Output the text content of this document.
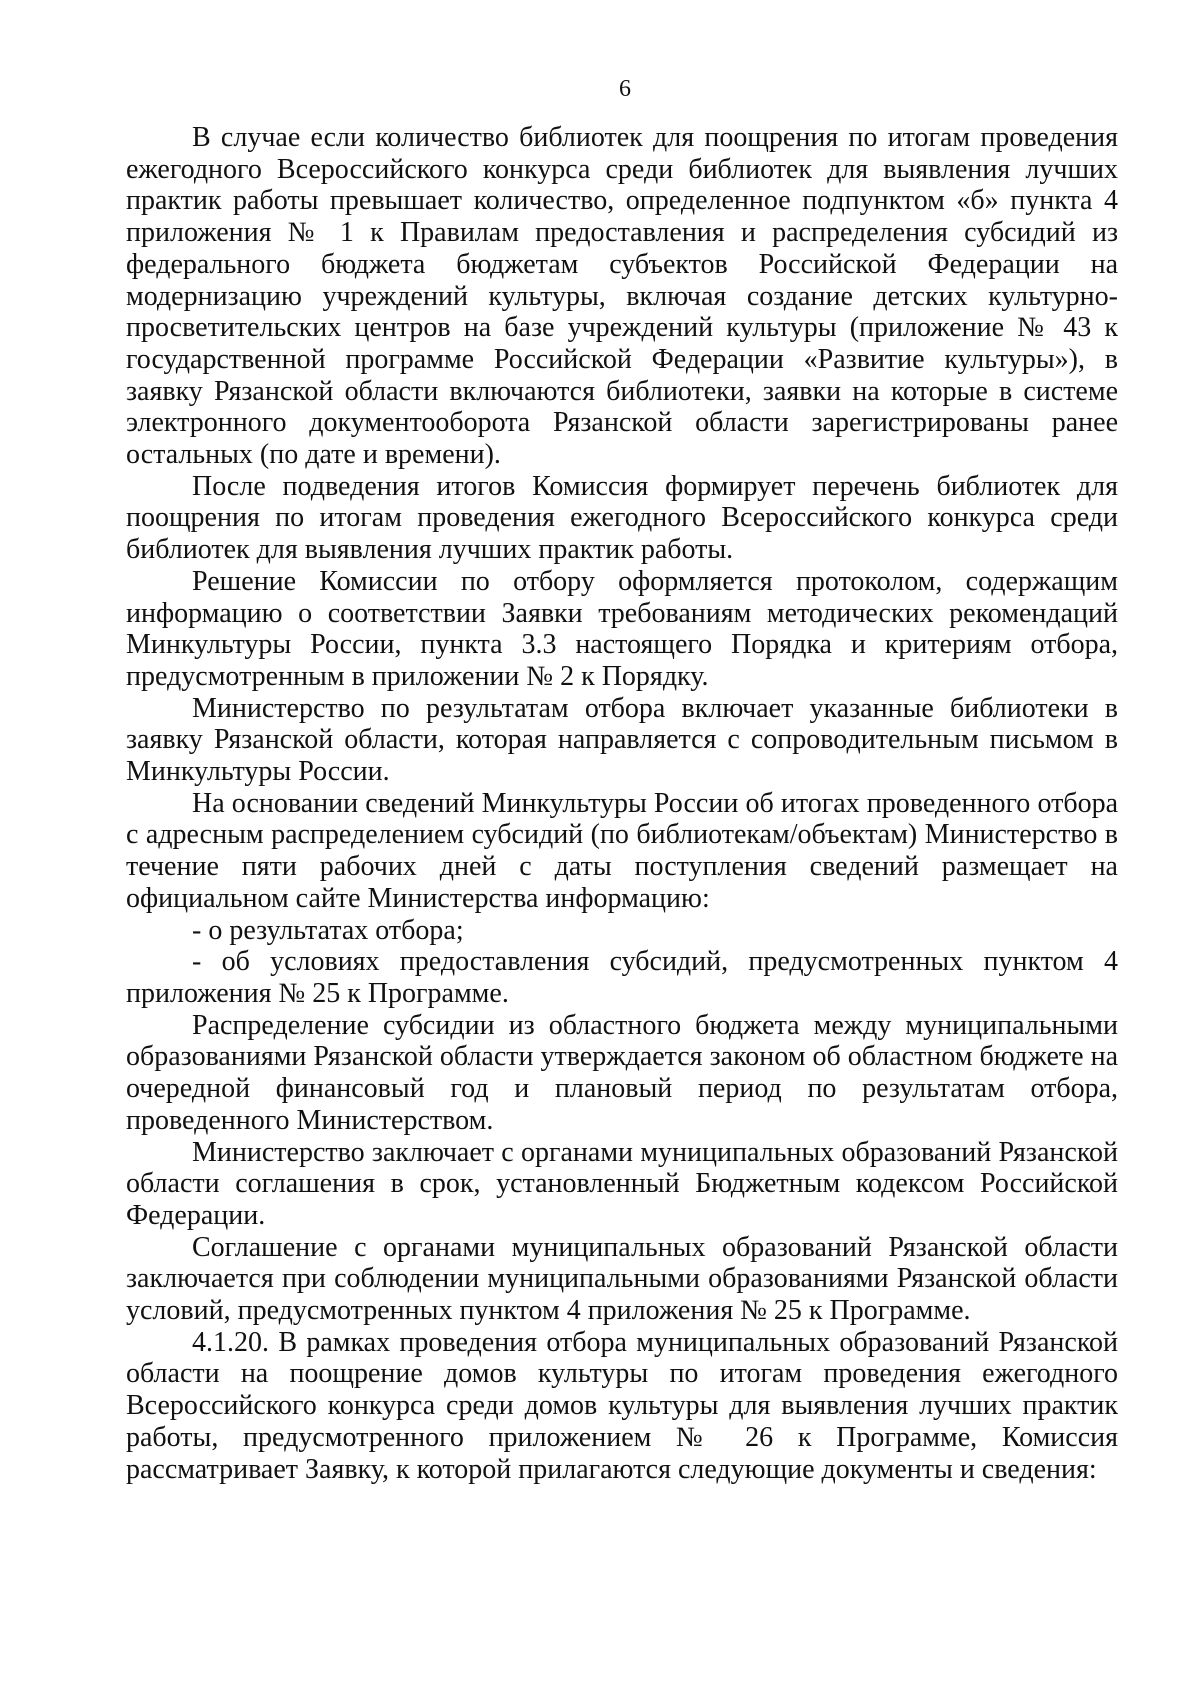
6

В случае если количество библиотек для поощрения по итогам проведения ежегодного Всероссийского конкурса среди библиотек для выявления лучших практик работы превышает количество, определенное подпунктом «б» пункта 4 приложения № 1 к Правилам предоставления и распределения субсидий из федерального бюджета бюджетам субъектов Российской Федерации на модернизацию учреждений культуры, включая создание детских культурно-просветительских центров на базе учреждений культуры (приложение № 43 к государственной программе Российской Федерации «Развитие культуры»), в заявку Рязанской области включаются библиотеки, заявки на которые в системе электронного документооборота Рязанской области зарегистрированы ранее остальных (по дате и времени).

После подведения итогов Комиссия формирует перечень библиотек для поощрения по итогам проведения ежегодного Всероссийского конкурса среди библиотек для выявления лучших практик работы.

Решение Комиссии по отбору оформляется протоколом, содержащим информацию о соответствии Заявки требованиям методических рекомендаций Минкультуры России, пункта 3.3 настоящего Порядка и критериям отбора, предусмотренным в приложении № 2 к Порядку.

Министерство по результатам отбора включает указанные библиотеки в заявку Рязанской области, которая направляется с сопроводительным письмом в Минкультуры России.

На основании сведений Минкультуры России об итогах проведенного отбора с адресным распределением субсидий (по библиотекам/объектам) Министерство в течение пяти рабочих дней с даты поступления сведений размещает на официальном сайте Министерства информацию:

- о результатах отбора;

- об условиях предоставления субсидий, предусмотренных пунктом 4 приложения № 25 к Программе.

Распределение субсидии из областного бюджета между муниципальными образованиями Рязанской области утверждается законом об областном бюджете на очередной финансовый год и плановый период по результатам отбора, проведенного Министерством.

Министерство заключает с органами муниципальных образований Рязанской области соглашения в срок, установленный Бюджетным кодексом Российской Федерации.

Соглашение с органами муниципальных образований Рязанской области заключается при соблюдении муниципальными образованиями Рязанской области условий, предусмотренных пунктом 4 приложения № 25 к Программе.

4.1.20. В рамках проведения отбора муниципальных образований Рязанской области на поощрение домов культуры по итогам проведения ежегодного Всероссийского конкурса среди домов культуры для выявления лучших практик работы, предусмотренного приложением № 26 к Программе, Комиссия рассматривает Заявку, к которой прилагаются следующие документы и сведения:
